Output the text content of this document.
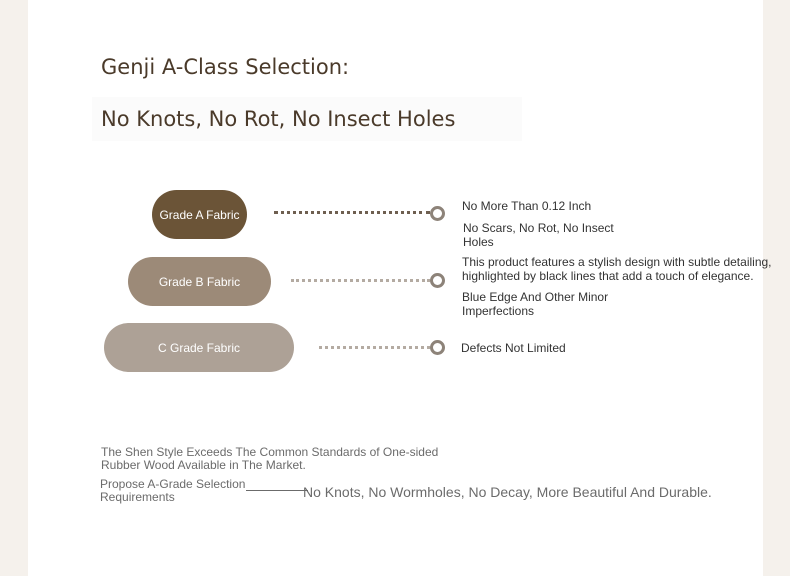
Genji A-Class Selection:
No Knots, No Rot, No Insect Holes
Grade A Fabric
Grade B Fabric
C Grade Fabric
No More Than 0.12 Inch
No Scars, No Rot, No Insect Holes
This product features a stylish design with subtle detailing, highlighted by black lines that add a touch of elegance.
Blue Edge And Other Minor Imperfections
Defects Not Limited
The Shen Style Exceeds The Common Standards of One-sided Rubber Wood Available in The Market.
Propose A-Grade Selection Requirements	No Knots, No Wormholes, No Decay, More Beautiful And Durable.
